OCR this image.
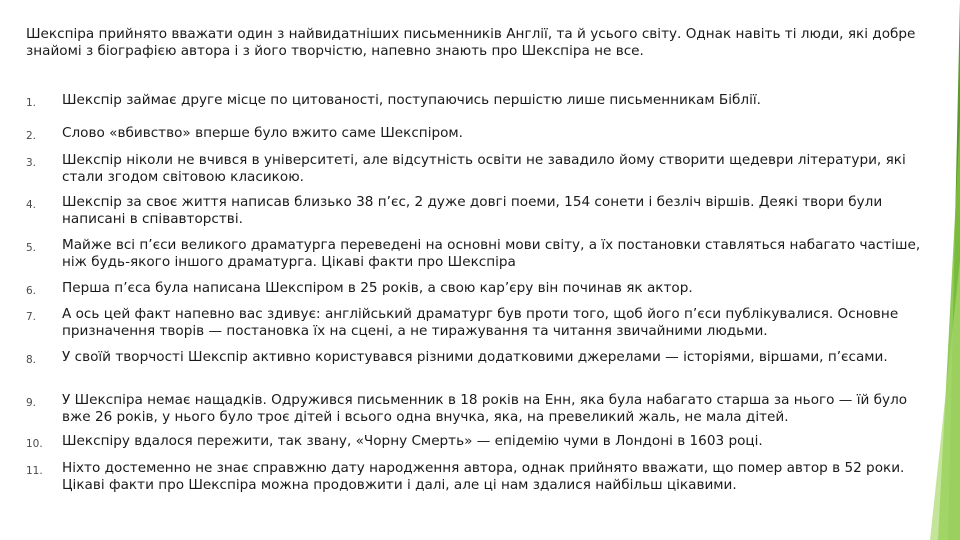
Шекспіра прийнято вважати один з найвидатніших письменників Англії, та й усього світу. Однак навіть ті люди, які добре знайомі з біографією автора і з його творчістю, напевно знають про Шекспіра не все.

1.	Шекспір займає друге місце по цитованості, поступаючись першістю лише письменникам Біблії.
2.	Слово «вбивство» вперше було вжито саме Шекспіром.
3.	Шекспір ніколи не вчився в університеті, але відсутність освіти не завадило йому створити щедеври літератури, які стали згодом світовою класикою.
4.	Шекспір за своє життя написав близько 38 п’єс, 2 дуже довгі поеми, 154 сонети і безліч віршів. Деякі твори були написані в співавторстві.
5.	Майже всі п’єси великого драматурга переведені на основні мови світу, а їх постановки ставляться набагато частіше, ніж будь-якого іншого драматурга. Цікаві факти про Шекспіра
6.	Перша п’єса була написана Шекспіром в 25 років, а свою кар’єру він починав як актор.
7.	А ось цей факт напевно вас здивує: англійський драматург був проти того, щоб його п’єси публікувалися. Основне призначення творів — постановка їх на сцені, а не тиражування та читання звичайними людьми.
8.	У своїй творчості Шекспір активно користувався різними додатковими джерелами — історіями, віршами, п’єсами.
9.	У Шекспіра немає нащадків. Одружився письменник в 18 років на Енн, яка була набагато старша за нього — їй було вже 26 років, у нього було троє дітей і всього одна внучка, яка, на превеликий жаль, не мала дітей.
10.	Шекспіру вдалося пережити, так звану, «Чорну Смерть» — епідемію чуми в Лондоні в 1603 році.
11.	Ніхто достеменно не знає справжню дату народження автора, однак прийнято вважати, що помер автор в 52 роки. Цікаві факти про Шекспіра можна продовжити і далі, але ці нам здалися найбільш цікавими.
